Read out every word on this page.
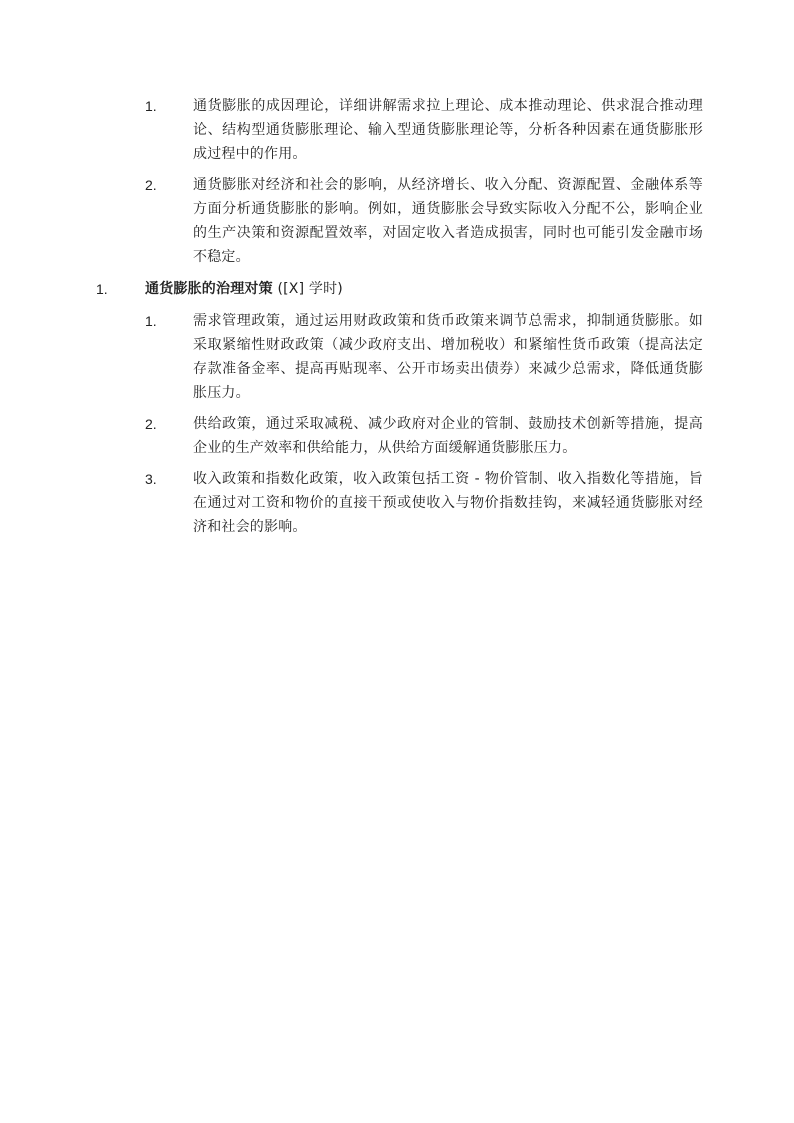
1.	通货膨胀的成因理论，详细讲解需求拉上理论、成本推动理论、供求混合推动理论、结构型通货膨胀理论、输入型通货膨胀理论等，分析各种因素在通货膨胀形成过程中的作用。
2.	通货膨胀对经济和社会的影响，从经济增长、收入分配、资源配置、金融体系等方面分析通货膨胀的影响。例如，通货膨胀会导致实际收入分配不公，影响企业的生产决策和资源配置效率，对固定收入者造成损害，同时也可能引发金融市场不稳定。
1.	通货膨胀的治理对策 ([X] 学时)
1.	需求管理政策，通过运用财政政策和货币政策来调节总需求，抑制通货膨胀。如采取紧缩性财政政策（减少政府支出、增加税收）和紧缩性货币政策（提高法定存款准备金率、提高再贴现率、公开市场卖出债券）来减少总需求，降低通货膨胀压力。
2.	供给政策，通过采取减税、减少政府对企业的管制、鼓励技术创新等措施，提高企业的生产效率和供给能力，从供给方面缓解通货膨胀压力。
3.	收入政策和指数化政策，收入政策包括工资 - 物价管制、收入指数化等措施，旨在通过对工资和物价的直接干预或使收入与物价指数挂钩，来减轻通货膨胀对经济和社会的影响。
